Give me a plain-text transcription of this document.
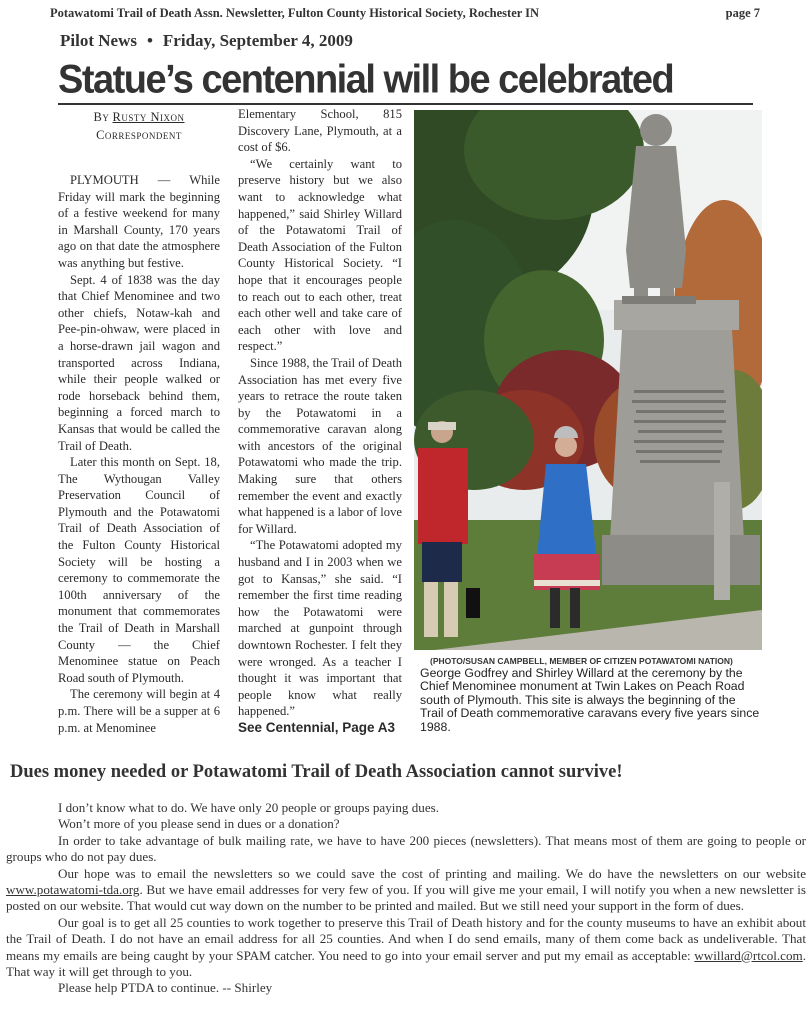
Potawatomi Trail of Death Assn. Newsletter, Fulton County Historical Society, Rochester IN	page 7
Pilot News • Friday, September 4, 2009
Statue’s centennial will be celebrated
By Rusty Nixon
Correspondent

PLYMOUTH — While Friday will mark the beginning of a festive weekend for many in Marshall County, 170 years ago on that date the atmosphere was anything but festive.

Sept. 4 of 1838 was the day that Chief Menominee and two other chiefs, Notaw-kah and Pee-pin-ohwaw, were placed in a horse-drawn jail wagon and transported across Indiana, while their people walked or rode horseback behind them, beginning a forced march to Kansas that would be called the Trail of Death.

Later this month on Sept. 18, The Wythougan Valley Preservation Council of Plymouth and the Potawatomi Trail of Death Association of the Fulton County Historical Society will be hosting a ceremony to commemorate the 100th anniversary of the monument that commemorates the Trail of Death in Marshall County — the Chief Menominee statue on Peach Road south of Plymouth.

The ceremony will begin at 4 p.m. There will be a supper at 6 p.m. at Menominee

Elementary School, 815 Discovery Lane, Plymouth, at a cost of $6.

“We certainly want to preserve history but we also want to acknowledge what happened,” said Shirley Willard of the Potawatomi Trail of Death Association of the Fulton County Historical Society. “I hope that it encourages people to reach out to each other, treat each other well and take care of each other with love and respect.”

Since 1988, the Trail of Death Association has met every five years to retrace the route taken by the Potawatomi in a commemorative caravan along with ancestors of the original Potawatomi who made the trip. Making sure that others remember the event and exactly what happened is a labor of love for Willard.

“The Potawatomi adopted my husband and I in 2003 when we got to Kansas,” she said. “I remember the first time reading how the Potawatomi were marched at gunpoint through downtown Rochester. I felt they were wronged. As a teacher I thought it was important that people know what really happened.”

See Centennial, Page A3

(PHOTO/SUSAN CAMPBELL, MEMBER OF CITIZEN POTAWATOMI NATION)
George Godfrey and Shirley Willard at the ceremony by the Chief Menominee monument at Twin Lakes on Peach Road south of Plymouth. This site is always the beginning of the Trail of Death commemorative caravans every five years since 1988.
Dues money needed or Potawatomi Trail of Death Association cannot survive!

I don’t know what to do. We have only 20 people or groups paying dues.

Won’t more of you please send in dues or a donation?

In order to take advantage of bulk mailing rate, we have to have 200 pieces (newsletters). That means most of them are going to people or groups who do not pay dues.

Our hope was to email the newsletters so we could save the cost of printing and mailing. We do have the newsletters on our website www.potawatomi-tda.org. But we have email addresses for very few of you. If you will give me your email, I will notify you when a new newsletter is posted on our website. That would cut way down on the number to be printed and mailed. But we still need your support in the form of dues.

Our goal is to get all 25 counties to work together to preserve this Trail of Death history and for the county museums to have an exhibit about the Trail of Death. I do not have an email address for all 25 counties. And when I do send emails, many of them come back as undeliverable. That means my emails are being caught by your SPAM catcher. You need to go into your email server and put my email as acceptable: wwillard@rtcol.com. That way it will get through to you.

Please help PTDA to continue. -- Shirley
